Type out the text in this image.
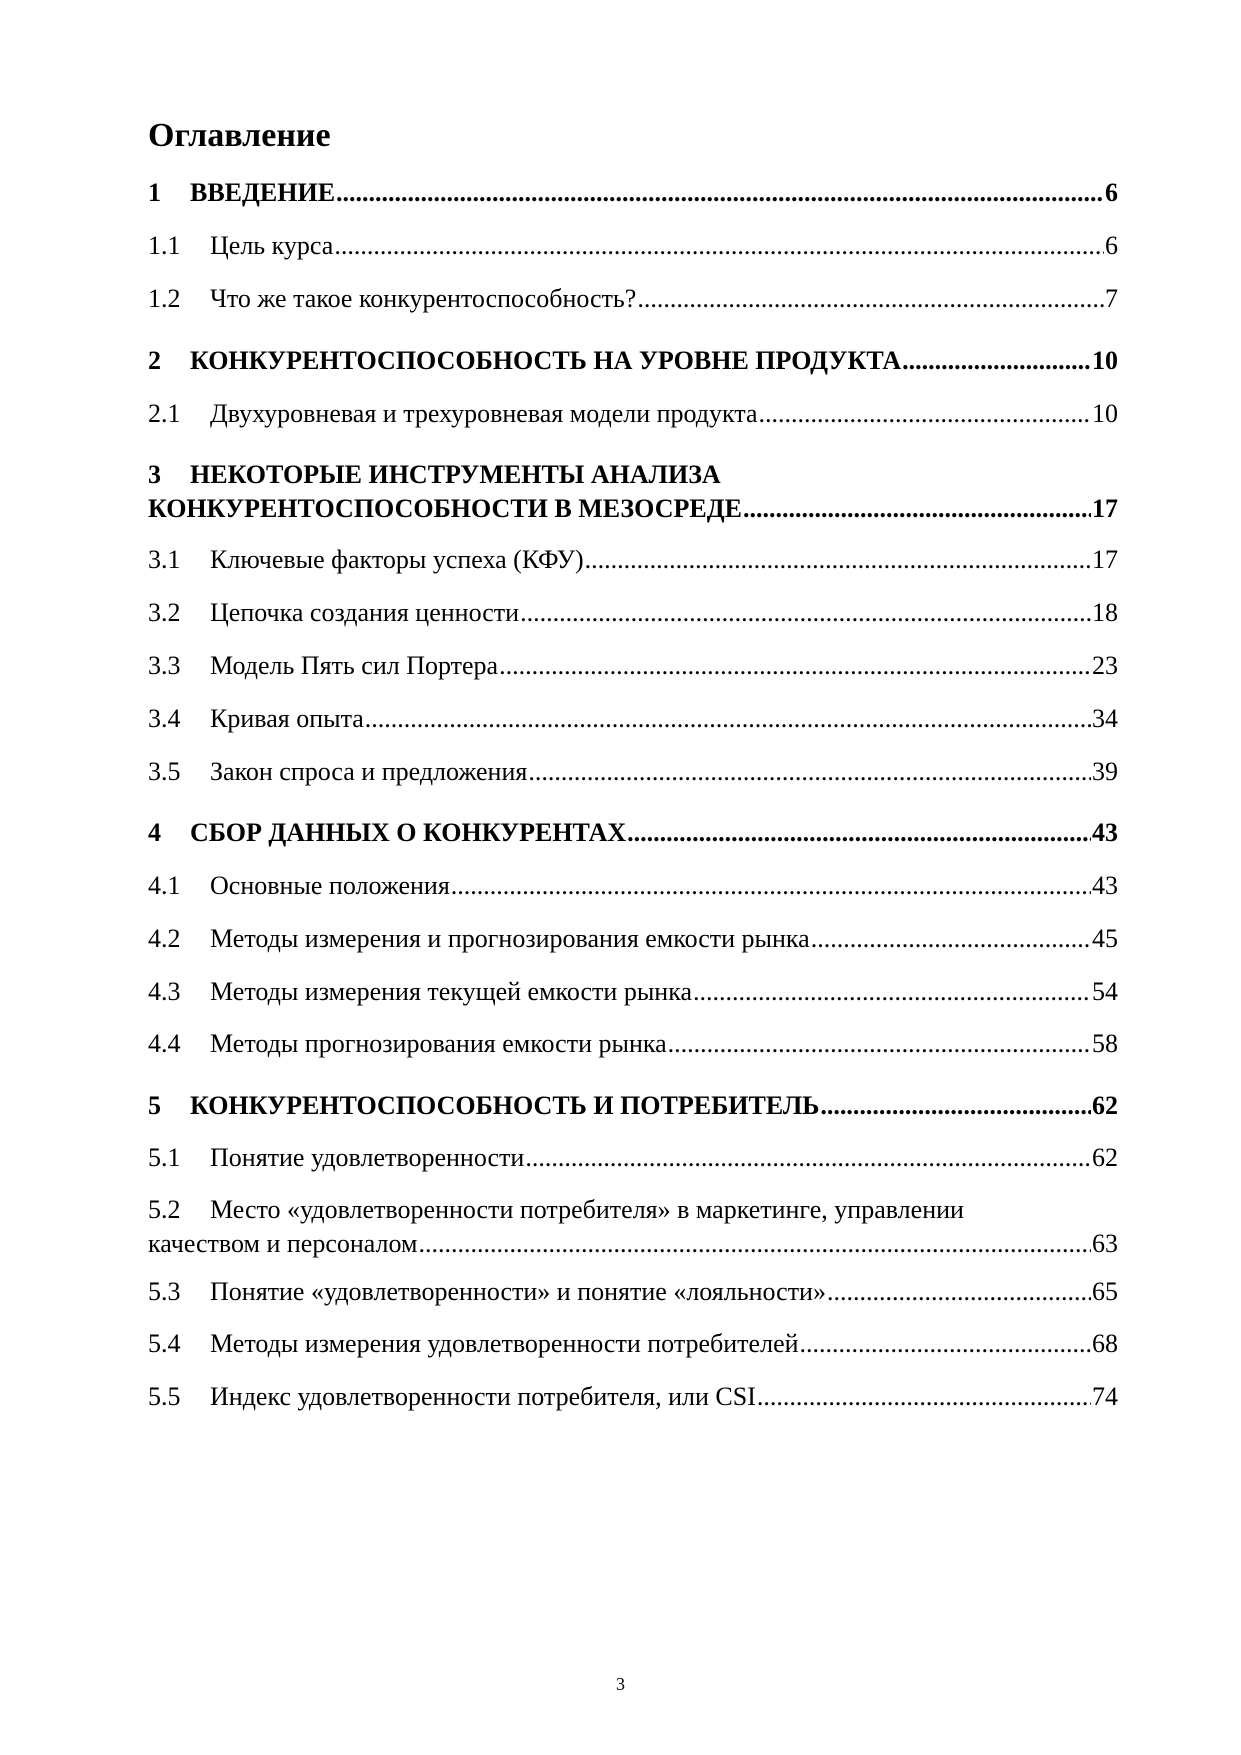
Оглавление
1	ВВЕДЕНИЕ .....	6
1.1	Цель курса .....	6
1.2	Что же такое конкурентоспособность? .....	7
2	КОНКУРЕНТОСПОСОБНОСТЬ НА УРОВНЕ ПРОДУКТА .....	10
2.1	Двухуровневая и трехуровневая модели продукта .....	10
3	НЕКОТОРЫЕ ИНСТРУМЕНТЫ АНАЛИЗА
КОНКУРЕНТОСПОСОБНОСТИ В МЕЗОСРЕДЕ .....	17
3.1	Ключевые факторы успеха (КФУ) .....	17
3.2	Цепочка создания ценности .....	18
3.3	Модель Пять сил Портера .....	23
3.4	Кривая опыта .....	34
3.5	Закон спроса и предложения .....	39
4	СБОР ДАННЫХ О КОНКУРЕНТАХ .....	43
4.1	Основные положения .....	43
4.2	Методы измерения и прогнозирования емкости рынка .....	45
4.3	Методы измерения текущей емкости рынка .....	54
4.4	Методы прогнозирования емкости рынка .....	58
5	КОНКУРЕНТОСПОСОБНОСТЬ И ПОТРЕБИТЕЛЬ .....	62
5.1	Понятие удовлетворенности .....	62
5.2	Место «удовлетворенности потребителя» в маркетинге, управлении
качеством и персоналом .....	63
5.3	Понятие «удовлетворенности» и понятие «лояльности» .....	65
5.4	Методы измерения удовлетворенности потребителей .....	68
5.5	Индекс удовлетворенности потребителя, или CSI .....	74
3
